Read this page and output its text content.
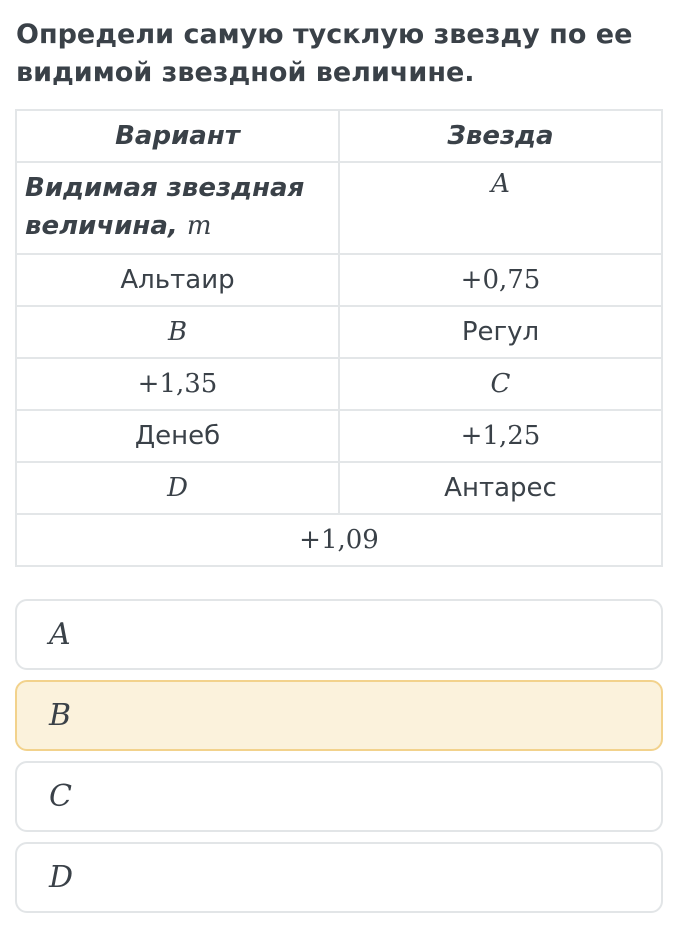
Определи самую тусклую звезду по ее видимой звездной величине.

Вариант	Звезда
Видимая звездная величина, m	A
Альтаир	+0,75
B	Регул
+1,35	C
Денеб	+1,25
D	Антарес
+1,09	
A
B
C
D
